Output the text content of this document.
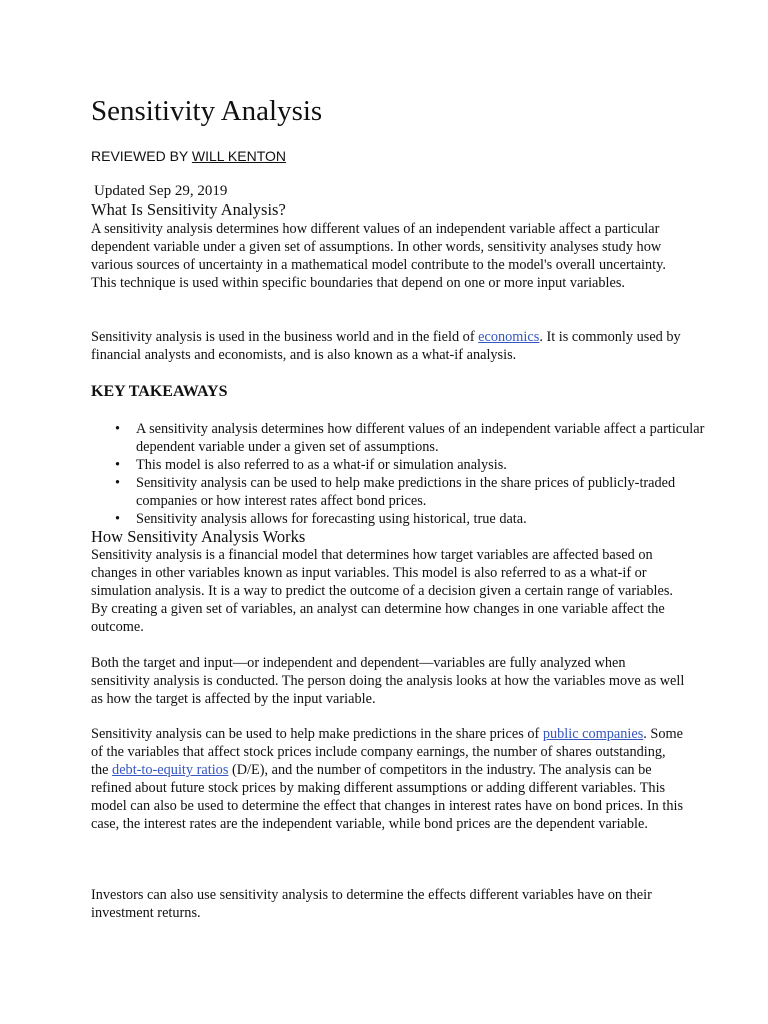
Sensitivity Analysis
REVIEWED BY WILL KENTON
Updated Sep 29, 2019
What Is Sensitivity Analysis?

A sensitivity analysis determines how different values of an independent variable affect a particular dependent variable under a given set of assumptions. In other words, sensitivity analyses study how various sources of uncertainty in a mathematical model contribute to the model's overall uncertainty. This technique is used within specific boundaries that depend on one or more input variables.

Sensitivity analysis is used in the business world and in the field of economics. It is commonly used by financial analysts and economists, and is also known as a what-if analysis.

KEY TAKEAWAYS
• A sensitivity analysis determines how different values of an independent variable affect a particular dependent variable under a given set of assumptions.
• This model is also referred to as a what-if or simulation analysis.
• Sensitivity analysis can be used to help make predictions in the share prices of publicly-traded companies or how interest rates affect bond prices.
• Sensitivity analysis allows for forecasting using historical, true data.
How Sensitivity Analysis Works

Sensitivity analysis is a financial model that determines how target variables are affected based on changes in other variables known as input variables. This model is also referred to as a what-if or simulation analysis. It is a way to predict the outcome of a decision given a certain range of variables. By creating a given set of variables, an analyst can determine how changes in one variable affect the outcome.

Both the target and input—or independent and dependent—variables are fully analyzed when sensitivity analysis is conducted. The person doing the analysis looks at how the variables move as well as how the target is affected by the input variable.

Sensitivity analysis can be used to help make predictions in the share prices of public companies. Some of the variables that affect stock prices include company earnings, the number of shares outstanding, the debt-to-equity ratios (D/E), and the number of competitors in the industry. The analysis can be refined about future stock prices by making different assumptions or adding different variables. This model can also be used to determine the effect that changes in interest rates have on bond prices. In this case, the interest rates are the independent variable, while bond prices are the dependent variable.

Investors can also use sensitivity analysis to determine the effects different variables have on their investment returns.
